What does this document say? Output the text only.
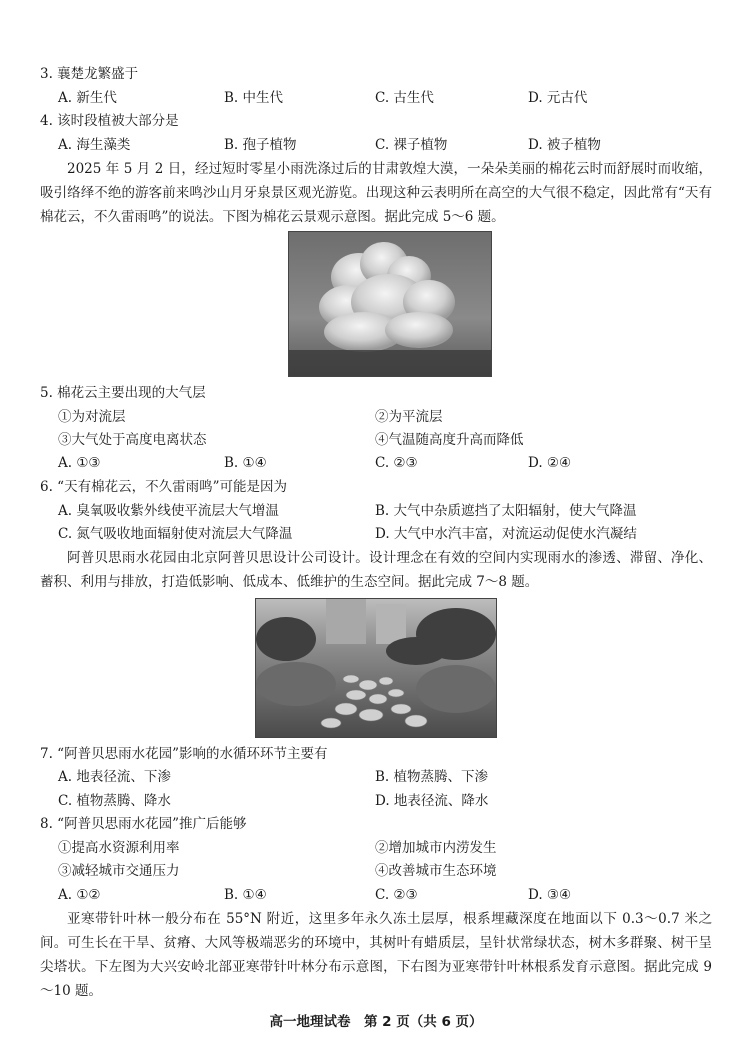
3. 襄楚龙繁盛于
A. 新生代	B. 中生代	C. 古生代	D. 元古代
4. 该时段植被大部分是
A. 海生藻类	B. 孢子植物	C. 裸子植物	D. 被子植物
2025 年 5 月 2 日，经过短时零星小雨洗涤过后的甘肃敦煌大漠，一朵朵美丽的棉花云时而舒展时而收缩，吸引络绎不绝的游客前来鸣沙山月牙泉景区观光游览。出现这种云表明所在高空的大气很不稳定，因此常有“天有棉花云，不久雷雨鸣”的说法。下图为棉花云景观示意图。据此完成 5～6 题。
5. 棉花云主要出现的大气层
①为对流层	②为平流层
③大气处于高度电离状态	④气温随高度升高而降低
A. ①③	B. ①④	C. ②③	D. ②④
6. “天有棉花云，不久雷雨鸣”可能是因为
A. 臭氧吸收紫外线使平流层大气增温	B. 大气中杂质遮挡了太阳辐射，使大气降温
C. 氮气吸收地面辐射使对流层大气降温	D. 大气中水汽丰富，对流运动促使水汽凝结
阿普贝思雨水花园由北京阿普贝思设计公司设计。设计理念在有效的空间内实现雨水的渗透、滞留、净化、蓄积、利用与排放，打造低影响、低成本、低维护的生态空间。据此完成 7～8 题。
7. “阿普贝思雨水花园”影响的水循环环节主要有
A. 地表径流、下渗	B. 植物蒸腾、下渗
C. 植物蒸腾、降水	D. 地表径流、降水
8. “阿普贝思雨水花园”推广后能够
①提高水资源利用率	②增加城市内涝发生
③减轻城市交通压力	④改善城市生态环境
A. ①②	B. ①④	C. ②③	D. ③④
亚寒带针叶林一般分布在 55°N 附近，这里多年永久冻土层厚，根系埋藏深度在地面以下 0.3～0.7 米之间。可生长在干旱、贫瘠、大风等极端恶劣的环境中，其树叶有蜡质层，呈针状常绿状态，树木多群聚、树干呈尖塔状。下左图为大兴安岭北部亚寒带针叶林分布示意图，下右图为亚寒带针叶林根系发育示意图。据此完成 9～10 题。
高一地理试卷　第 2 页（共 6 页）
